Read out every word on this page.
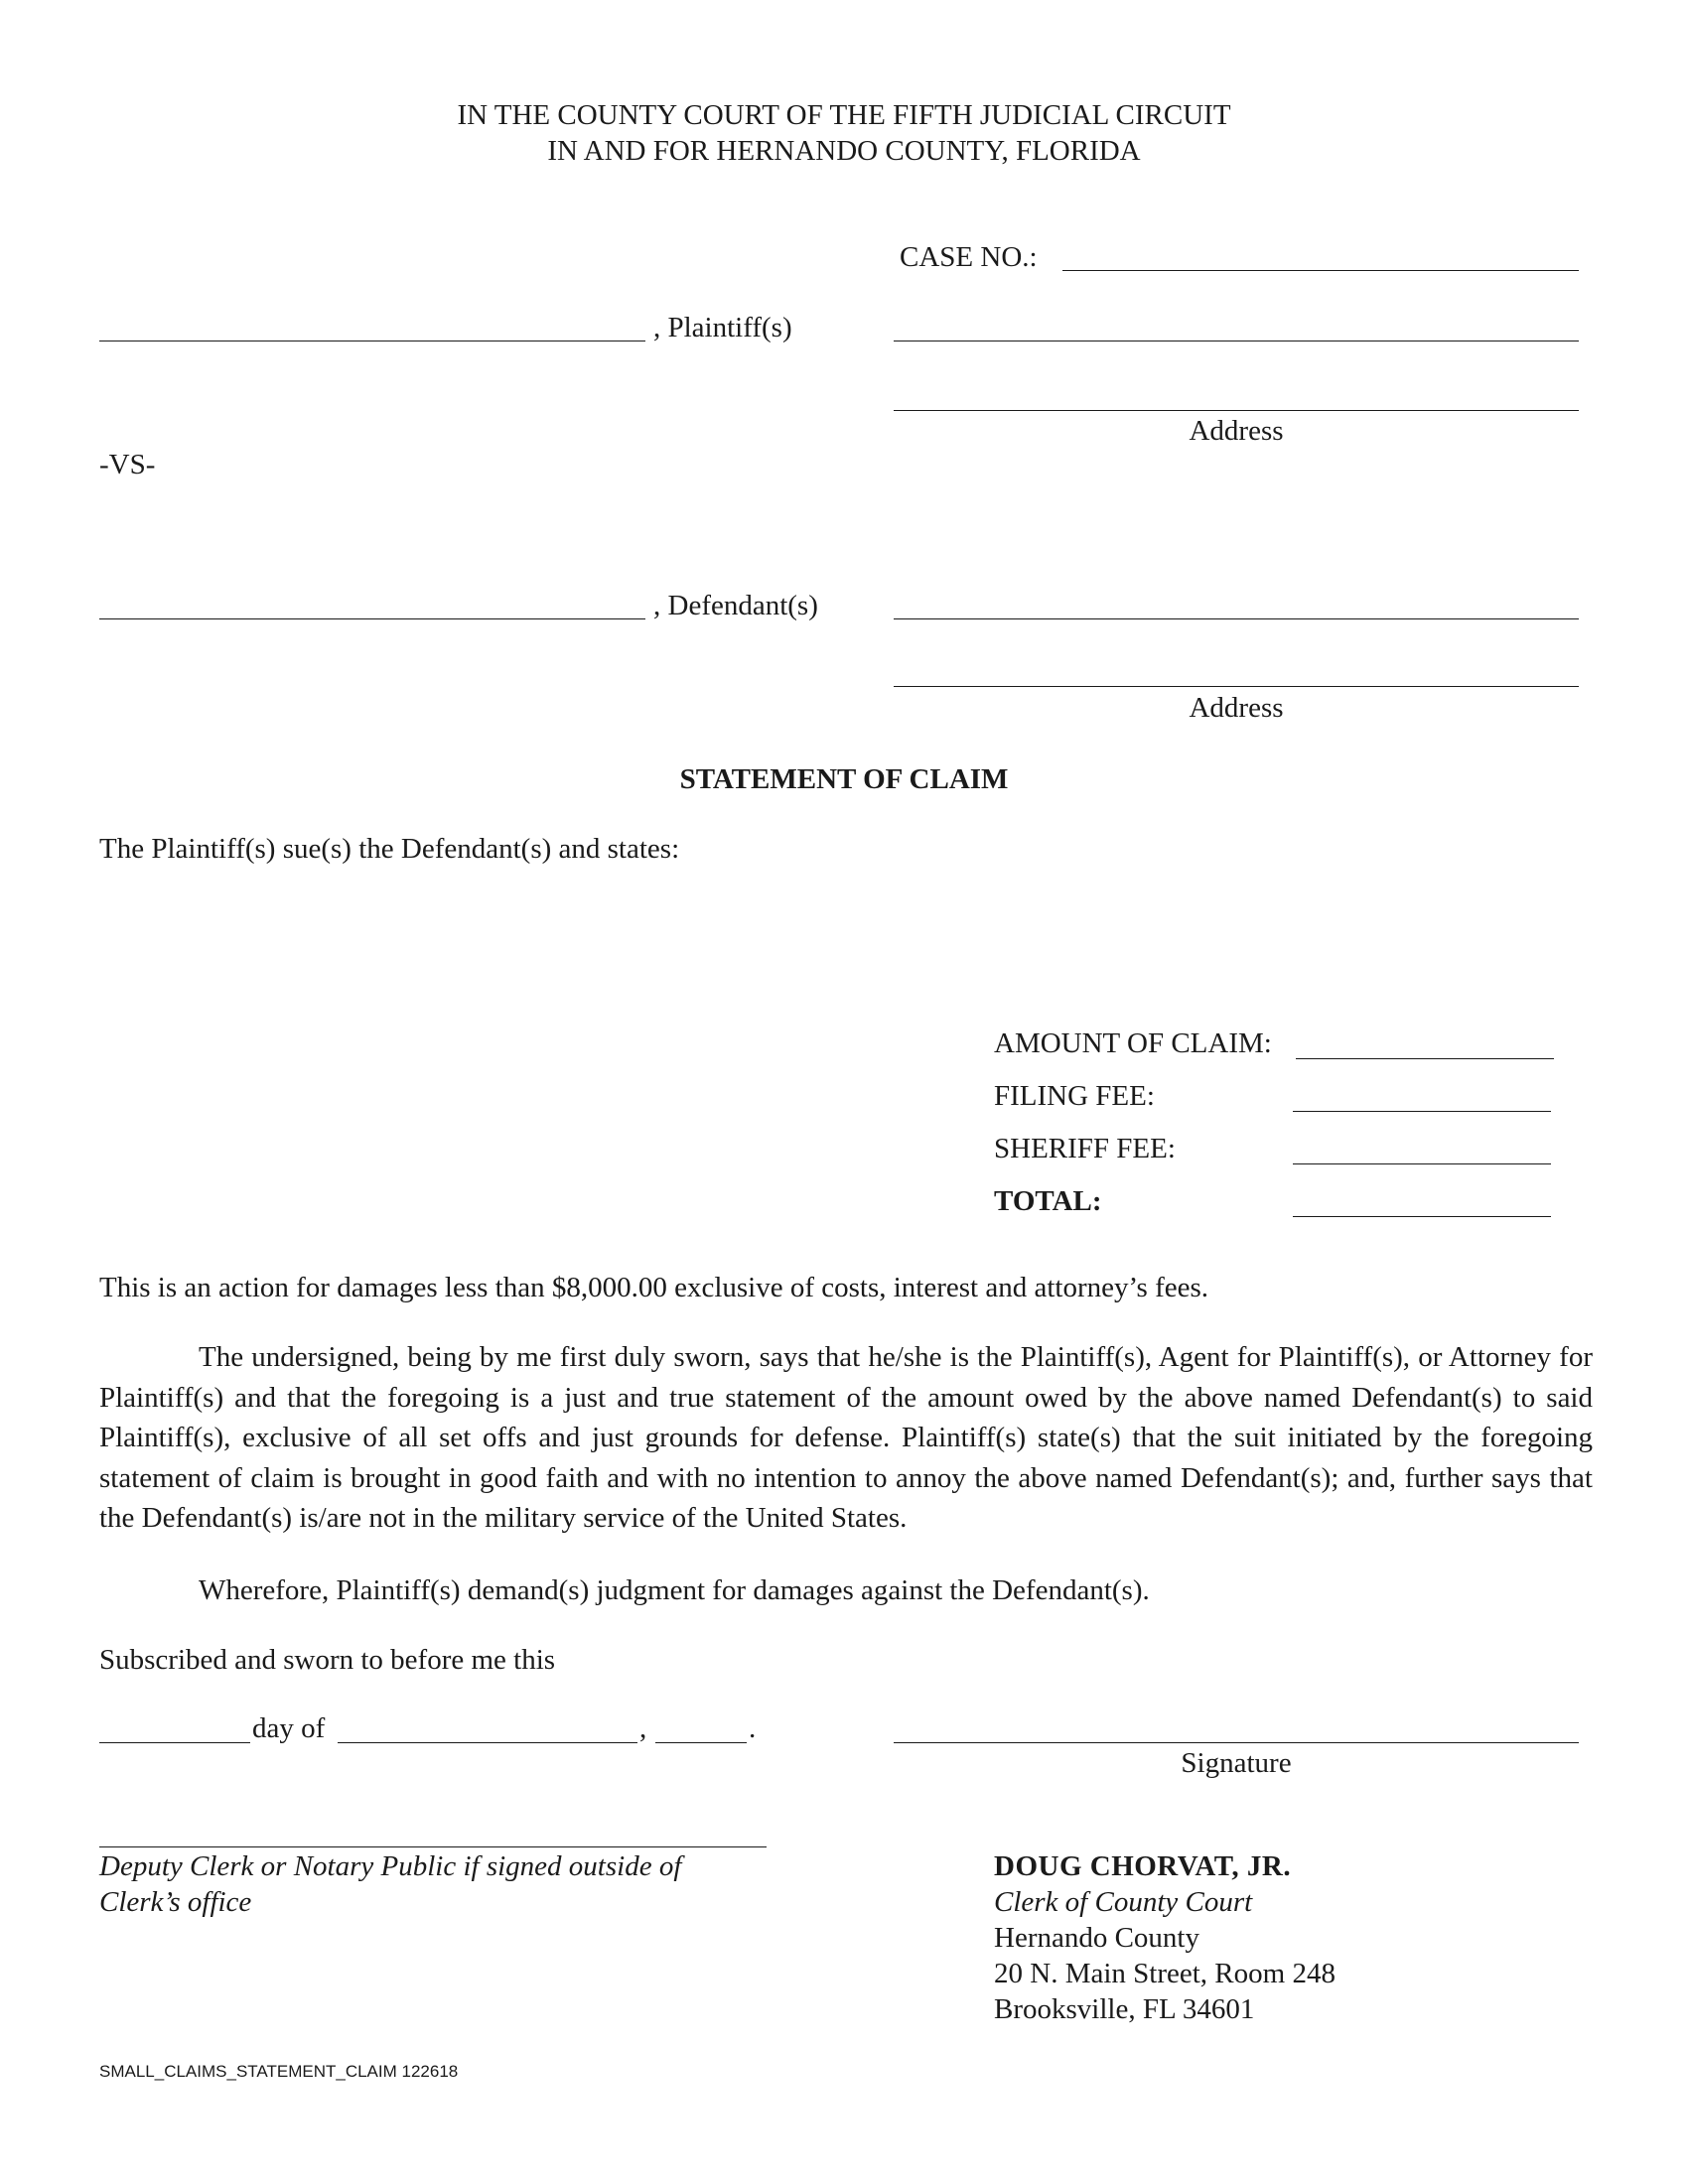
IN THE COUNTY COURT OF THE FIFTH JUDICIAL CIRCUIT
IN AND FOR HERNANDO COUNTY, FLORIDA
CASE NO.:
, Plaintiff(s)
Address
-VS-
, Defendant(s)
Address
STATEMENT OF CLAIM
The Plaintiff(s) sue(s) the Defendant(s) and states:
AMOUNT OF CLAIM:
FILING FEE:
SHERIFF FEE:
TOTAL:
This is an action for damages less than $8,000.00 exclusive of costs, interest and attorney’s fees.
The undersigned, being by me first duly sworn, says that he/she is the Plaintiff(s), Agent for Plaintiff(s), or Attorney for Plaintiff(s) and that the foregoing is a just and true statement of the amount owed by the above named Defendant(s) to said Plaintiff(s), exclusive of all set offs and just grounds for defense. Plaintiff(s) state(s) that the suit initiated by the foregoing statement of claim is brought in good faith and with no intention to annoy the above named Defendant(s); and, further says that the Defendant(s) is/are not in the military service of the United States.
Wherefore, Plaintiff(s) demand(s) judgment for damages against the Defendant(s).
Subscribed and sworn to before me this
day of	,	.
Signature
Deputy Clerk or Notary Public if signed outside of
Clerk’s office
DOUG CHORVAT, JR.
Clerk of County Court
Hernando County
20 N. Main Street, Room 248
Brooksville, FL 34601
SMALL_CLAIMS_STATEMENT_CLAIM 122618
